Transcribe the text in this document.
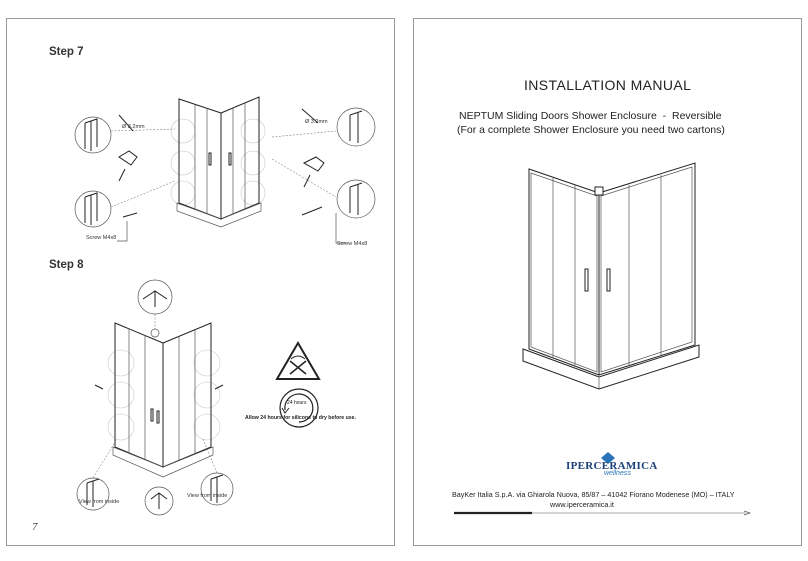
Step 7
Ø 3.2mm
Screw M4x8
Ø 3.2mm
Screw M4x8
Step 8
View from inside
View from inside
24 hours
Allow 24 hours for silicone to dry before use.
7
INSTALLATION MANUAL
NEPTUM Sliding Doors Shower Enclosure  -  Reversible
(For a complete Shower Enclosure you need two cartons)
IPERCERAMICA
wellness
BayKer Italia S.p.A. via Ghiarola Nuova, 85/87 – 41042 Fiorano Modenese (MO) – ITALY
www.iperceramica.it
